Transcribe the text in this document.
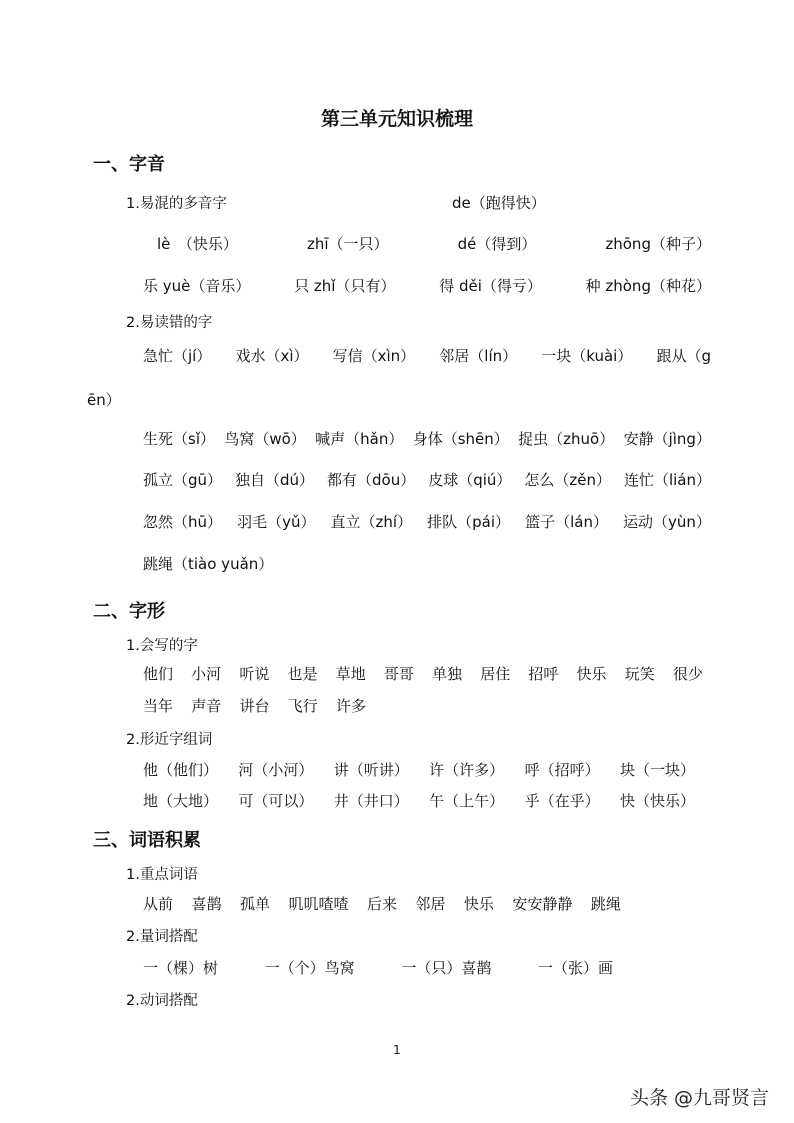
第三单元知识梳理
一、字音
1.易混的多音字	de（跑得快）
lè　（快乐）	zhī（一只）	dé（得到）	zhōng（种子）
乐 yuè（音乐）	只 zhǐ（只有）	得 děi（得亏）	种 zhòng（种花）
2.易读错的字
急忙（jí） 戏水（xì） 写信（xìn） 邻居（lín） 一块（kuài） 跟从（g
ēn）
生死（sǐ） 鸟窝（wō） 喊声（hǎn） 身体（shēn） 捉虫（zhuō） 安静（jìng）
孤立（gū） 独自（dú） 都有（dōu） 皮球（qiú） 怎么（zěn） 连忙（lián）
忽然（hū） 羽毛（yǔ） 直立（zhí） 排队（pái） 篮子（lán） 运动（yùn）
跳绳（tiào yuǎn）
二、字形
1.会写的字
他们 小河 听说 也是 草地 哥哥 单独 居住 招呼 快乐 玩笑 很少
当年 声音 讲台 飞行 许多
2.形近字组词
他（他们） 河（小河） 讲（听讲） 许（许多） 呼（招呼） 块（一块）
地（大地） 可（可以） 井（井口） 午（上午） 乎（在乎） 快（快乐）
三、词语积累
1.重点词语
从前 喜鹊 孤单 叽叽喳喳 后来 邻居 快乐 安安静静 跳绳
2.量词搭配
一（棵）树	一（个）鸟窝	一（只）喜鹊	一（张）画
2.动词搭配
1
头条 @九哥贤言
